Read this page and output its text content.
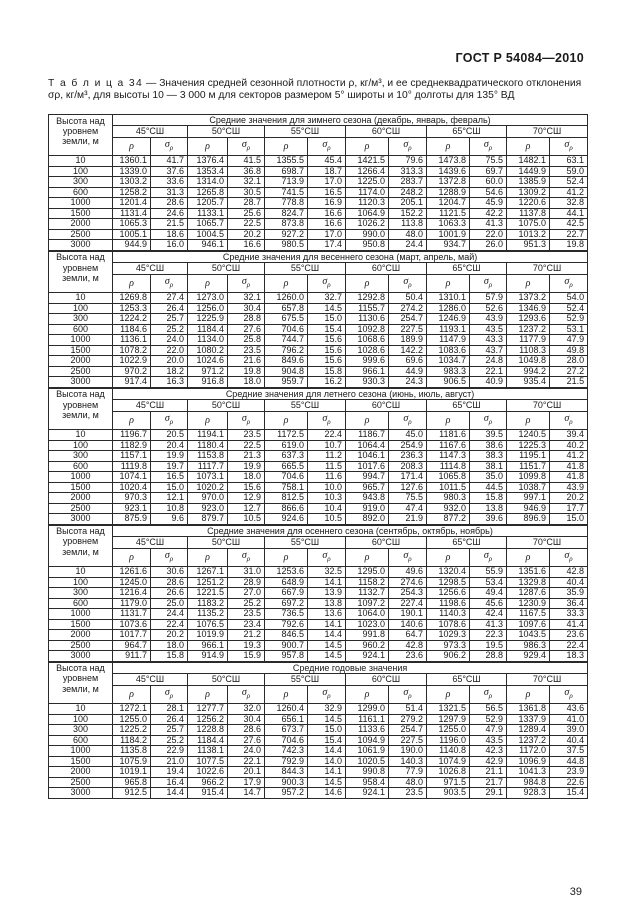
ГОСТ Р 54084—2010
Т а б л и ц а 34 — Значения средней сезонной плотности ρ, кг/м³, и ее среднеквадратического отклонения σρ, кг/м³, для высоты 10 — 3 000 м для секторов размером 5° широты и 10° долготы для 135° ВД
Высота над уровнем земли, м	Средние значения для зимнего сезона (декабрь, январь, февраль)											
	45°СШ		50°СШ		55°СШ		60°СШ		65°СШ		70°СШ	
	ρ	$\sigma_\rho$	ρ	$\sigma_\rho$	ρ	$\sigma_\rho$	ρ	$\sigma_\rho$	ρ	$\sigma_\rho$	ρ	$\sigma_\rho$
10	1360.1	41.7	1376.4	41.5	1355.5	45.4	1421.5	79.6	1473.8	75.5	1482.1	63.1
100	1339.0	37.6	1353.4	36.8	698.7	18.7	1266.4	313.3	1439.6	69.7	1449.9	59.0
300	1303.2	33.6	1314.0	32.1	713.9	17.0	1225.0	283.7	1372.8	60.0	1385.9	52.4
600	1258.2	31.3	1265.8	30.5	741.5	16.5	1174.0	248.2	1288.9	54.6	1309.2	41.2
1000	1201.4	28.6	1205.7	28.7	778.8	16.9	1120.3	205.1	1204.7	45.9	1220.6	32.8
1500	1131.4	24.6	1133.1	25.6	824.7	16.6	1064.9	152.2	1121.5	42.2	1137.8	44.1
2000	1065.3	21.5	1065.7	22.5	873.8	16.6	1026.2	113.8	1063.3	41.3	1075.0	42.5
2500	1005.1	18.6	1004.5	20.2	927.2	17.0	990.0	48.0	1001.9	22.0	1013.2	22.7
3000	944.9	16.0	946.1	16.6	980.5	17.4	950.8	24.4	934.7	26.0	951.3	19.8
Высота над уровнем земли, м	Средние значения для весеннего сезона (март, апрель, май)											
	45°СШ		50°СШ		55°СШ		60°СШ		65°СШ		70°СШ	
	ρ	$\sigma_\rho$	ρ	$\sigma_\rho$	ρ	$\sigma_\rho$	ρ	$\sigma_\rho$	ρ	$\sigma_\rho$	ρ	$\sigma_\rho$
10	1269.8	27.4	1273.0	32.1	1260.0	32.7	1292.8	50.4	1310.1	57.9	1373.2	54.0
100	1253.3	26.4	1256.0	30.4	657.8	14.5	1155.7	274.2	1286.0	52.6	1346.9	52.4
300	1224.2	25.7	1225.9	28.8	675.5	15.0	1130.6	254.7	1246.9	43.9	1293.6	52.9
600	1184.6	25.2	1184.4	27.6	704.6	15.4	1092.8	227.5	1193.1	43.5	1237.2	53.1
1000	1136.1	24.0	1134.0	25.8	744.7	15.6	1068.6	189.9	1147.9	43.3	1177.9	47.9
1500	1078.2	22.0	1080.2	23.5	796.2	15.6	1028.6	142.2	1083.6	43.7	1108.3	49.8
2000	1022.9	20.0	1024.6	21.6	849.6	15.6	999.6	69.6	1034.7	24.8	1049.8	28.0
2500	970.2	18.2	971.2	19.8	904.8	15.8	966.1	44.9	983.3	22.1	994.2	27.2
3000	917.4	16.3	916.8	18.0	959.7	16.2	930.3	24.3	906.5	40.9	935.4	21.5
Высота над уровнем земли, м	Средние значения для летнего сезона (июнь, июль, август)											
	45°СШ		50°СШ		55°СШ		60°СШ		65°СШ		70°СШ	
	ρ	$\sigma_\rho$	ρ	$\sigma_\rho$	ρ	$\sigma_\rho$	ρ	$\sigma_\rho$	ρ	$\sigma_\rho$	ρ	$\sigma_\rho$
10	1196.7	20.5	1194.1	23.5	1172.5	22.4	1186.7	45.0	1181.6	39.5	1240.5	39.4
100	1182.9	20.4	1180.4	22.5	619.0	10.7	1064.4	254.9	1167.6	38.6	1225.3	40.2
300	1157.1	19.9	1153.8	21.3	637.3	11.2	1046.1	236.3	1147.3	38.3	1195.1	41.2
600	1119.8	19.7	1117.7	19.9	665.5	11.5	1017.6	208.3	1114.8	38.1	1151.7	41.8
1000	1074.1	16.5	1073.1	18.0	704.6	11.6	994.7	171.4	1065.8	35.0	1099.8	41.8
1500	1020.4	15.0	1020.2	15.6	758.1	10.0	965.7	127.6	1011.5	44.5	1038.7	43.9
2000	970.3	12.1	970.0	12.9	812.5	10.3	943.8	75.5	980.3	15.8	997.1	20.2
2500	923.1	10.8	923.0	12.7	866.6	10.4	919.0	47.4	932.0	13.8	946.9	17.7
3000	875.9	9.6	879.7	10.5	924.6	10.5	892.0	21.9	877.2	39.6	896.9	15.0
Высота над уровнем земли, м	Средние значения для осеннего сезона (сентябрь, октябрь, ноябрь)											
	45°СШ		50°СШ		55°СШ		60°СШ		65°СШ		70°СШ	
	ρ	$\sigma_\rho$	ρ	$\sigma_\rho$	ρ	$\sigma_\rho$	ρ	$\sigma_\rho$	ρ	$\sigma_\rho$	ρ	$\sigma_\rho$
10	1261.6	30.6	1267.1	31.0	1253.6	32.5	1295.0	49.6	1320.4	55.9	1351.6	42.8
100	1245.0	28.6	1251.2	28.9	648.9	14.1	1158.2	274.6	1298.5	53.4	1329.8	40.4
300	1216.4	26.6	1221.5	27.0	667.9	13.9	1132.7	254.3	1256.6	49.4	1287.6	35.9
600	1179.0	25.0	1183.2	25.2	697.2	13.8	1097.2	227.4	1198.6	45.6	1230.9	36.4
1000	1131.7	24.4	1135.2	23.5	736.5	13.6	1064.0	190.1	1140.3	42.4	1167.5	33.3
1500	1073.6	22.4	1076.5	23.4	792.6	14.1	1023.0	140.6	1078.6	41.3	1097.6	41.4
2000	1017.7	20.2	1019.9	21.2	846.5	14.4	991.8	64.7	1029.3	22.3	1043.5	23.6
2500	964.7	18.0	966.1	19.3	900.7	14.5	960.2	42.8	973.3	19.5	986.3	22.4
3000	911.7	15.8	914.9	15.9	957.8	14.5	924.1	23.6	906.2	28.8	929.4	18.3
Высота над уровнем земли, м	Средние годовые значения											
	45°СШ		50°СШ		55°СШ		60°СШ		65°СШ		70°СШ	
	ρ	$\sigma_\rho$	ρ	$\sigma_\rho$	ρ	$\sigma_\rho$	ρ	$\sigma_\rho$	ρ	$\sigma_\rho$	ρ	$\sigma_\rho$
10	1272.1	28.1	1277.7	32.0	1260.4	32.9	1299.0	51.4	1321.5	56.5	1361.8	43.6
100	1255.0	26.4	1256.2	30.4	656.1	14.5	1161.1	279.2	1297.9	52.9	1337.9	41.0
300	1225.2	25.7	1228.8	28.6	673.7	15.0	1133.6	254.7	1255.0	47.9	1289.4	39.0
600	1184.2	25.2	1184.4	27.6	704.6	15.4	1094.9	227.5	1196.0	43.5	1237.2	40.4
1000	1135.8	22.9	1138.1	24.0	742.3	14.4	1061.9	190.0	1140.8	42.3	1172.0	37.5
1500	1075.9	21.0	1077.5	22.1	792.9	14.0	1020.5	140.3	1074.9	42.9	1096.9	44.8
2000	1019.1	19.4	1022.6	20.1	844.3	14.1	990.8	77.9	1026.8	21.1	1041.3	23.9
2500	965.8	16.4	966.2	17.9	900.3	14.5	958.4	48.0	971.5	21.7	984.8	22.6
3000	912.5	14.4	915.4	14.7	957.2	14.6	924.1	23.5	903.5	29.1	928.3	15.4
39
